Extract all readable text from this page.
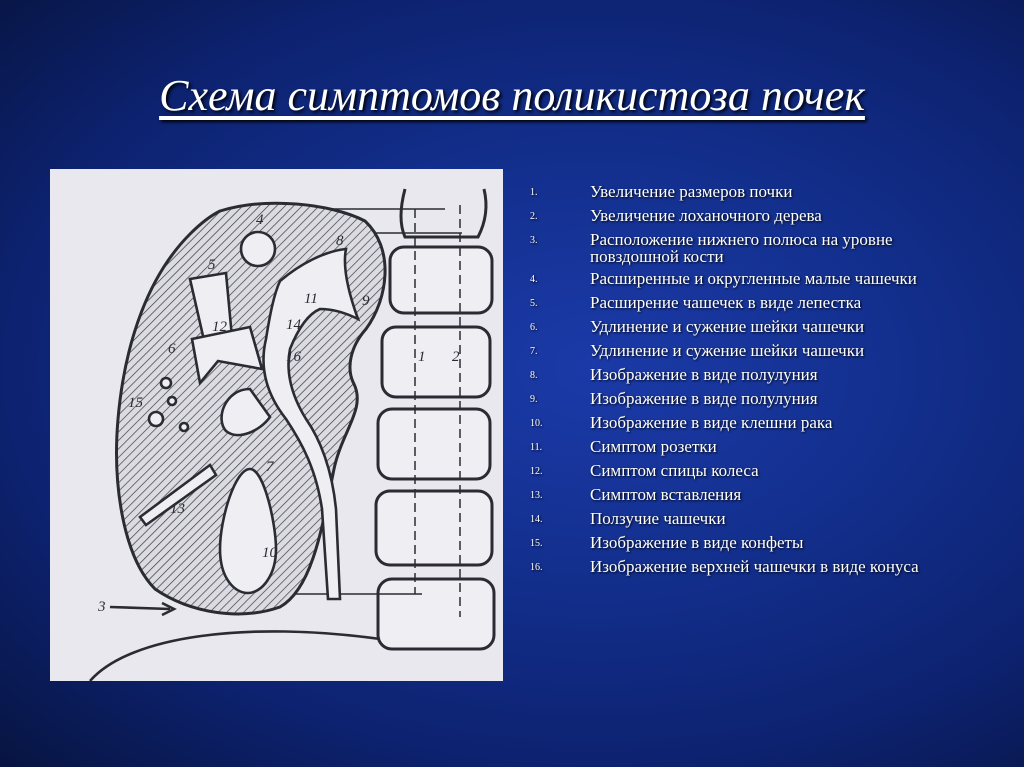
Схема симптомов поликистоза почек
1 2
3
4
5
6
7
8
9
10
11
12
13
14
15
16
1.	Увеличение размеров почки
2.	Увеличение лоханочного дерева
3.	Расположение нижнего полюса на уровне повздошной кости
4.	Расширенные и округленные малые чашечки
5.	Расширение чашечек в виде лепестка
6.	Удлинение и сужение шейки чашечки
7.	Удлинение и сужение шейки чашечки
8.	Изображение в виде полулуния
9.	Изображение в виде полулуния
10.	Изображение в виде клешни рака
11.	Симптом розетки
12.	Симптом спицы колеса
13.	Симптом вставления
14.	Ползучие чашечки
15.	Изображение в виде конфеты
16.	Изображение верхней чашечки в виде конуса
